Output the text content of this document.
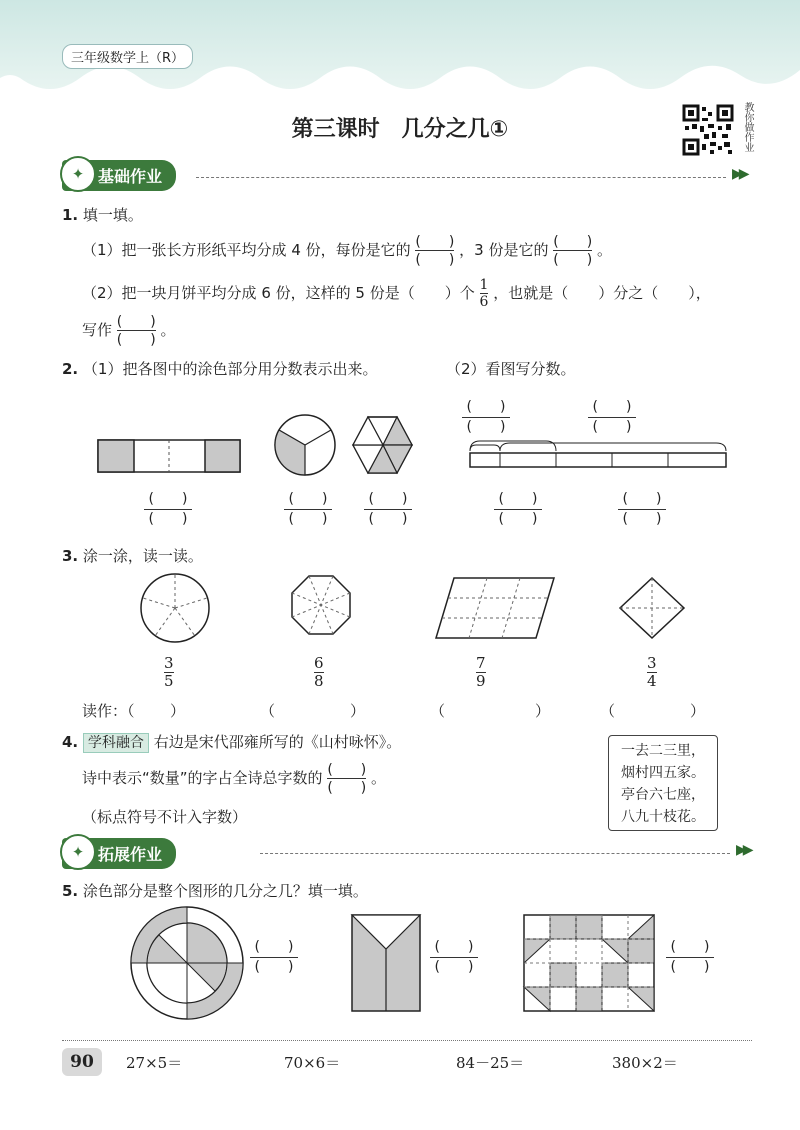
三年级数学上（R）
第三课时　几分之几①	教你做作业
✦ 基础作业	▶▶
1. 填一填。
（1）把一张长方形纸平均分成 4 份，每份是它的 $\frac{( )}{( )}$ ，3 份是它的 $\frac{( )}{( )}$ 。
（2）把一块月饼平均分成 6 份，这样的 5 份是（　　）个 $\frac{1}{6}$ ，也就是（　　）分之（　　），
写作 $\frac{( )}{( )}$ 。
2. （1）把各图中的涂色部分用分数表示出来。	（2）看图写分数。
(　　)
(　　)
(　　)
(　　)
(　　)
(　　)
(　　)
(　　)
(　　)
(　　)
(　　)
(　　)
(　　)
(　　)
3. 涂一涂，读一读。
3
5
6
8
7
9
3
4
读作：（ ）	（　　　　　）	（　　　　　　）	（　　　　　）
4. 学科融合 右边是宋代邵雍所写的《山村咏怀》。
诗中表示“数量”的字占全诗总字数的 $\frac{( )}{( )}$ 。
（标点符号不计入字数）
一去二三里，
烟村四五家。
亭台六七座，
八九十枝花。
✦ 拓展作业	▶▶
5. 涂色部分是整个图形的几分之几？填一填。
(　　)
(　　)
(　　)
(　　)
(　　)
(　　)
90	27×5＝	70×6＝	84－25＝	380×2＝
